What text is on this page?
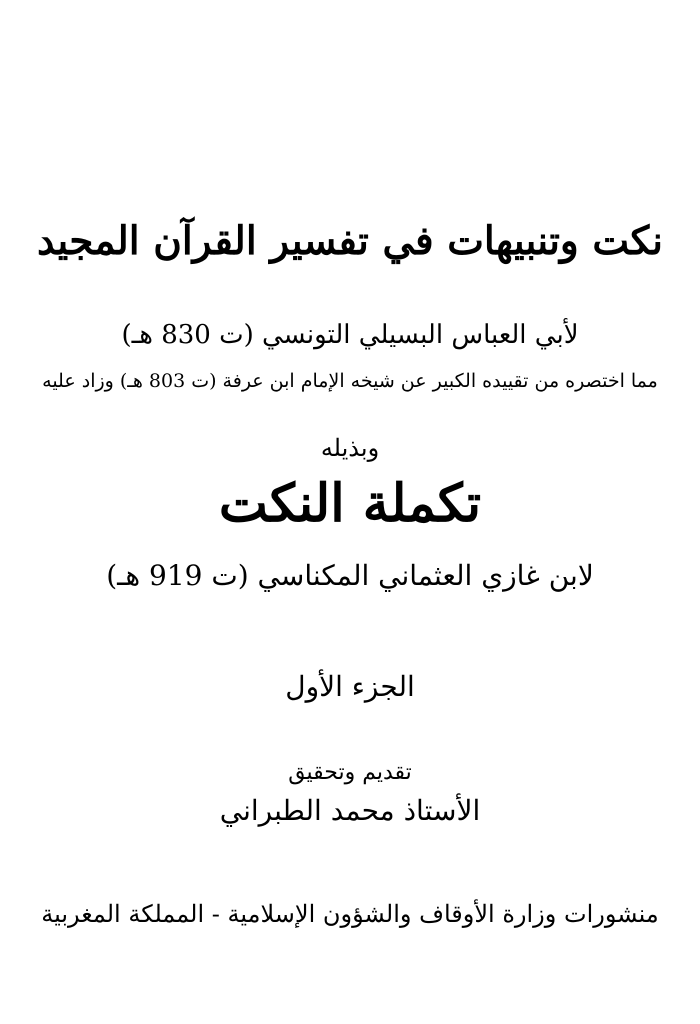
نكت وتنبيهات في تفسير القرآن المجيد
لأبي العباس البسيلي التونسي (ت 830 هـ)
مما اختصره من تقييده الكبير عن شيخه الإمام ابن عرفة (ت 803 هـ) وزاد عليه
وبذيله
تكملة النكت
لابن غازي العثماني المكناسي (ت 919 هـ)
الجزء الأول
تقديم وتحقيق
الأستاذ محمد الطبراني
منشورات وزارة الأوقاف والشؤون الإسلامية - المملكة المغربية
